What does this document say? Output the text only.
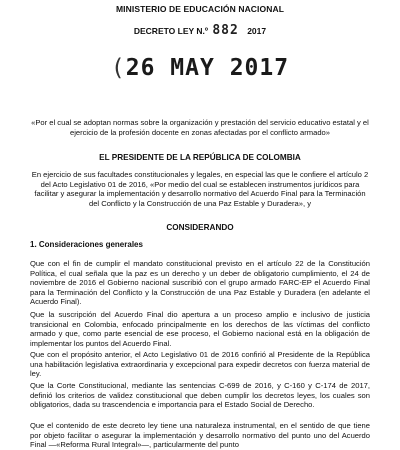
MINISTERIO DE EDUCACIÓN NACIONAL
DECRETO LEY N.º 882 2017
(26 MAY 2017
«Por el cual se adoptan normas sobre la organización y prestación del servicio educativo estatal y el ejercicio de la profesión docente en zonas afectadas por el conflicto armado»
EL PRESIDENTE DE LA REPÚBLICA DE COLOMBIA
En ejercicio de sus facultades constitucionales y legales, en especial las que le confiere el artículo 2 del Acto Legislativo 01 de 2016, «Por medio del cual se establecen instrumentos jurídicos para facilitar y asegurar la implementación y desarrollo normativo del Acuerdo Final para la Terminación del Conflicto y la Construcción de una Paz Estable y Duradera», y
CONSIDERANDO
1. Consideraciones generales
Que con el fin de cumplir el mandato constitucional previsto en el artículo 22 de la Constitución Política, el cual señala que la paz es un derecho y un deber de obligatorio cumplimiento, el 24 de noviembre de 2016 el Gobierno nacional suscribió con el grupo armado FARC-EP el Acuerdo Final para la Terminación del Conflicto y la Construcción de una Paz Estable y Duradera (en adelante el Acuerdo Final).
Que la suscripción del Acuerdo Final dio apertura a un proceso amplio e inclusivo de justicia transicional en Colombia, enfocado principalmente en los derechos de las víctimas del conflicto armado y que, como parte esencial de ese proceso, el Gobierno nacional está en la obligación de implementar los puntos del Acuerdo Final.
Que con el propósito anterior, el Acto Legislativo 01 de 2016 confirió al Presidente de la República una habilitación legislativa extraordinaria y excepcional para expedir decretos con fuerza material de ley.
Que la Corte Constitucional, mediante las sentencias C-699 de 2016, y C-160 y C-174 de 2017, definió los criterios de validez constitucional que deben cumplir los decretos leyes, los cuales son obligatorios, dada su trascendencia e importancia para el Estado Social de Derecho.
Que el contenido de este decreto ley tiene una naturaleza instrumental, en el sentido de que tiene por objeto facilitar o asegurar la implementación y desarrollo normativo del punto uno del Acuerdo Final —«Reforma Rural Integral»—, particularmente del punto
